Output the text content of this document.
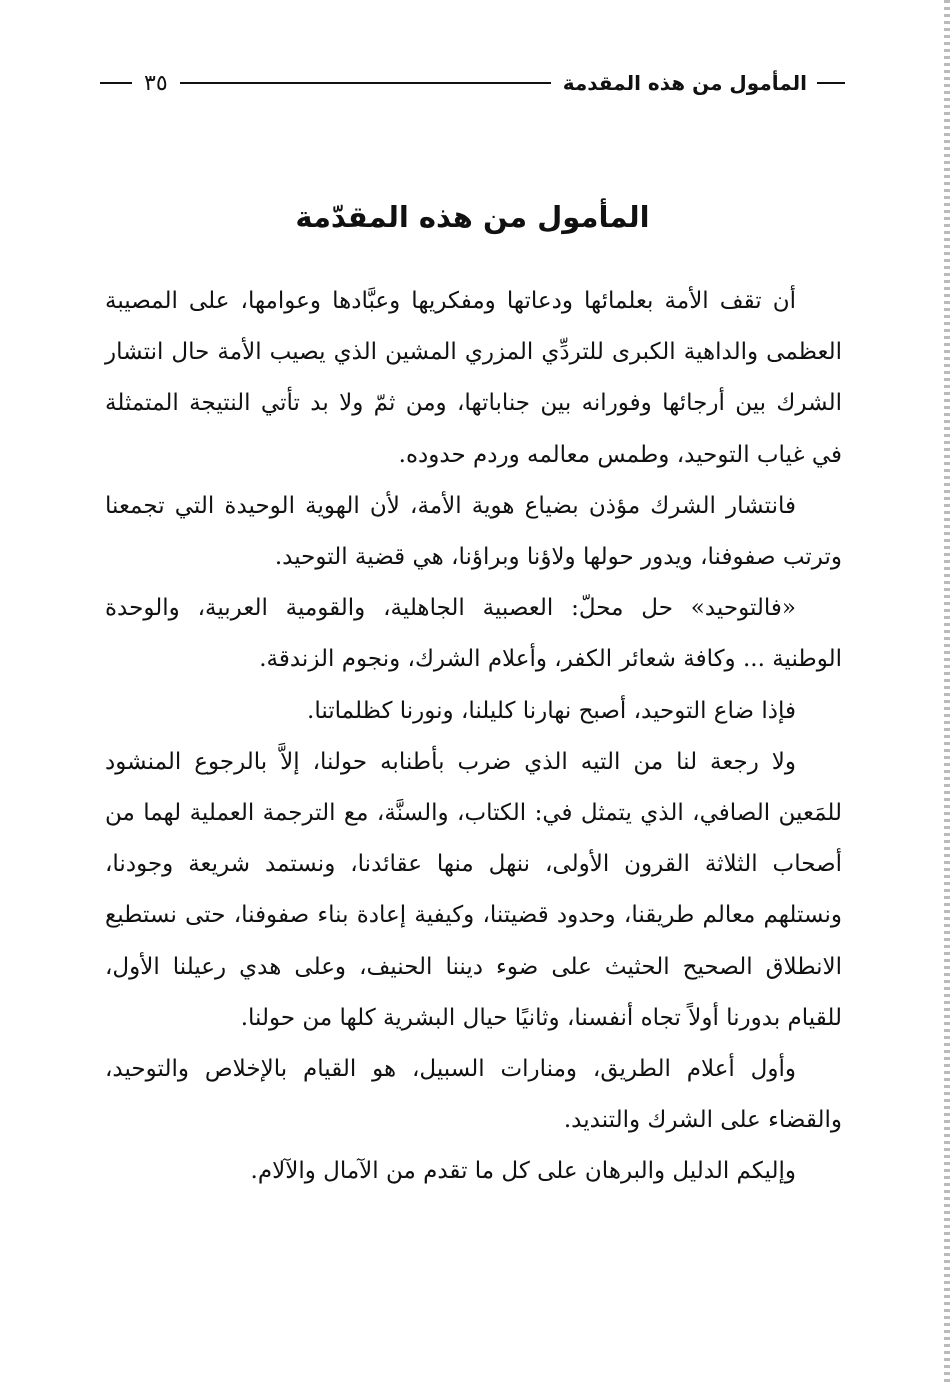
المأمول من هذه المقدمة
٣٥
المأمول من هذه المقدّمة

أن تقف الأمة بعلمائها ودعاتها ومفكريها وعبَّادها وعوامها، على المصيبة العظمى والداهية الكبرى للتردِّي المزري المشين الذي يصيب الأمة حال انتشار الشرك بين أرجائها وفورانه بين جناباتها، ومن ثمّ ولا بد تأتي النتيجة المتمثلة في غياب التوحيد، وطمس معالمه وردم حدوده.

فانتشار الشرك مؤذن بضياع هوية الأمة، لأن الهوية الوحيدة التي تجمعنا وترتب صفوفنا، ويدور حولها ولاؤنا وبراؤنا، هي قضية التوحيد.

«فالتوحيد» حل محلّ: العصبية الجاهلية، والقومية العربية، والوحدة الوطنية ... وكافة شعائر الكفر، وأعلام الشرك، ونجوم الزندقة.

فإذا ضاع التوحيد، أصبح نهارنا كليلنا، ونورنا كظلماتنا.

ولا رجعة لنا من التيه الذي ضرب بأطنابه حولنا، إلاَّ بالرجوع المنشود للمَعين الصافي، الذي يتمثل في: الكتاب، والسنَّة، مع الترجمة العملية لهما من أصحاب الثلاثة القرون الأولى، ننهل منها عقائدنا، ونستمد شريعة وجودنا، ونستلهم معالم طريقنا، وحدود قضيتنا، وكيفية إعادة بناء صفوفنا، حتى نستطيع الانطلاق الصحيح الحثيث على ضوء ديننا الحنيف، وعلى هدي رعيلنا الأول، للقيام بدورنا أولاً تجاه أنفسنا، وثانيًا حيال البشرية كلها من حولنا.

وأول أعلام الطريق، ومنارات السبيل، هو القيام بالإخلاص والتوحيد، والقضاء على الشرك والتنديد.

وإليكم الدليل والبرهان على كل ما تقدم من الآمال والآلام.
